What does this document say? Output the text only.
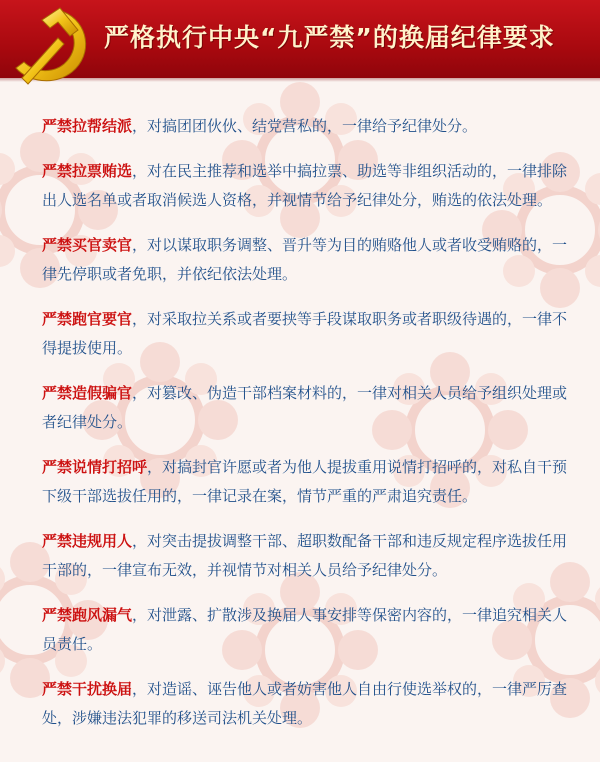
严格执行中央“九严禁”的换届纪律要求

严禁拉帮结派，对搞团团伙伙、结党营私的，一律给予纪律处分。

严禁拉票贿选，对在民主推荐和选举中搞拉票、助选等非组织活动的，一律排除出人选名单或者取消候选人资格，并视情节给予纪律处分，贿选的依法处理。

严禁买官卖官，对以谋取职务调整、晋升等为目的贿赂他人或者收受贿赂的，一律先停职或者免职，并依纪依法处理。

严禁跑官要官，对采取拉关系或者要挟等手段谋取职务或者职级待遇的，一律不得提拔使用。

严禁造假骗官，对篡改、伪造干部档案材料的，一律对相关人员给予组织处理或者纪律处分。

严禁说情打招呼，对搞封官许愿或者为他人提拔重用说情打招呼的，对私自干预下级干部选拔任用的，一律记录在案，情节严重的严肃追究责任。

严禁违规用人，对突击提拔调整干部、超职数配备干部和违反规定程序选拔任用干部的，一律宣布无效，并视情节对相关人员给予纪律处分。

严禁跑风漏气，对泄露、扩散涉及换届人事安排等保密内容的，一律追究相关人员责任。

严禁干扰换届，对造谣、诬告他人或者妨害他人自由行使选举权的，一律严厉查处，涉嫌违法犯罪的移送司法机关处理。
